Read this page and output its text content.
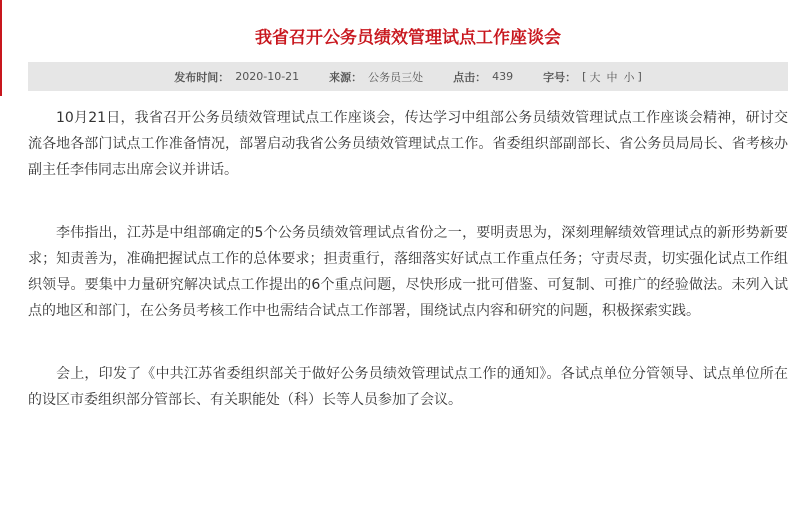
我省召开公务员绩效管理试点工作座谈会
发布时间： 2020-10-21	来源： 公务员三处	点击： 439	字号： [ 大 中 小 ]

10月21日，我省召开公务员绩效管理试点工作座谈会，传达学习中组部公务员绩效管理试点工作座谈会精神，研讨交流各地各部门试点工作准备情况，部署启动我省公务员绩效管理试点工作。省委组织部副部长、省公务员局局长、省考核办副主任李伟同志出席会议并讲话。

李伟指出，江苏是中组部确定的5个公务员绩效管理试点省份之一，要明责思为，深刻理解绩效管理试点的新形势新要求；知责善为，准确把握试点工作的总体要求；担责重行，落细落实好试点工作重点任务；守责尽责，切实强化试点工作组织领导。要集中力量研究解决试点工作提出的6个重点问题，尽快形成一批可借鉴、可复制、可推广的经验做法。未列入试点的地区和部门，在公务员考核工作中也需结合试点工作部署，围绕试点内容和研究的问题，积极探索实践。

会上，印发了《中共江苏省委组织部关于做好公务员绩效管理试点工作的通知》。各试点单位分管领导、试点单位所在的设区市委组织部分管部长、有关职能处（科）长等人员参加了会议。
